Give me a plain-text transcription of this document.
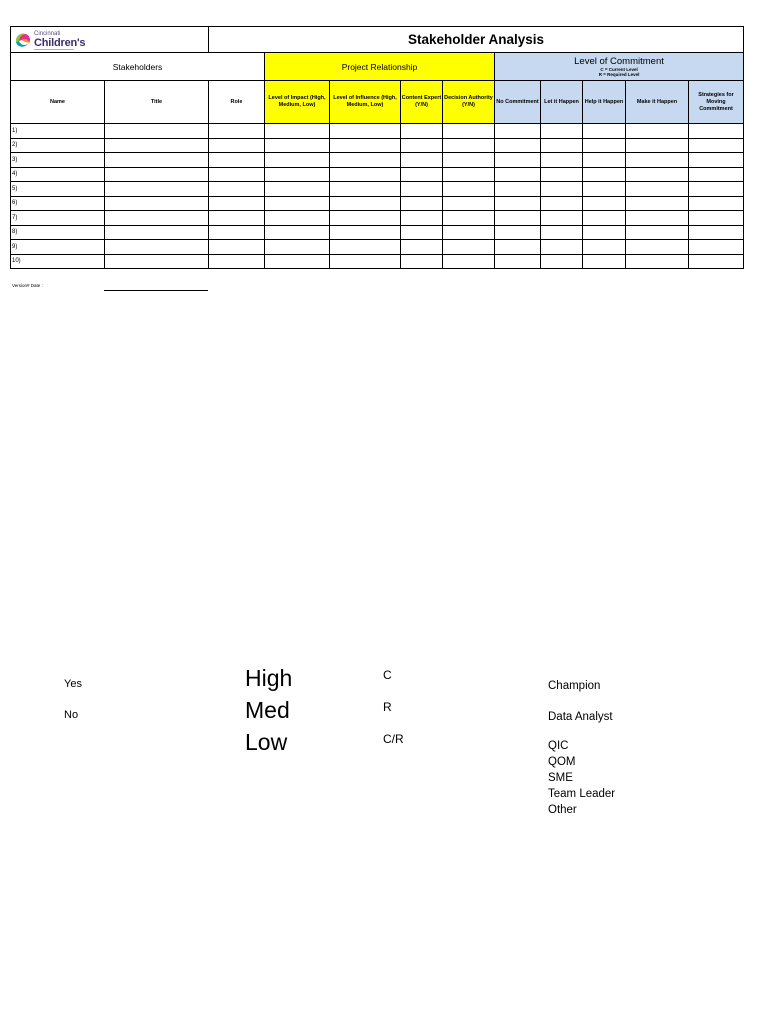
Cincinnati
Children's		Stakeholder Analysis									
Stakeholders			Project Relationship				Level of Commitment
C = Current Level
R = Required Level				

Name	Title	Role	Level of Impact (High, Medium, Low)	Level of Influence (High, Medium, Low)	Content Expert (Y/N)	Decision Authority (Y/N)	No Commitment	Let it Happen	Help it Happen	Make it Happen	Strategies for Moving Commitment
1)											
2)											
3)											
4)											
5)											
6)											
7)											
8)											
9)											
10)											
Version# Date :
Yes
No
High
Med
Low
C
R
C/R
Champion
Data Analyst
QIC
QOM
SME
Team Leader
Other
